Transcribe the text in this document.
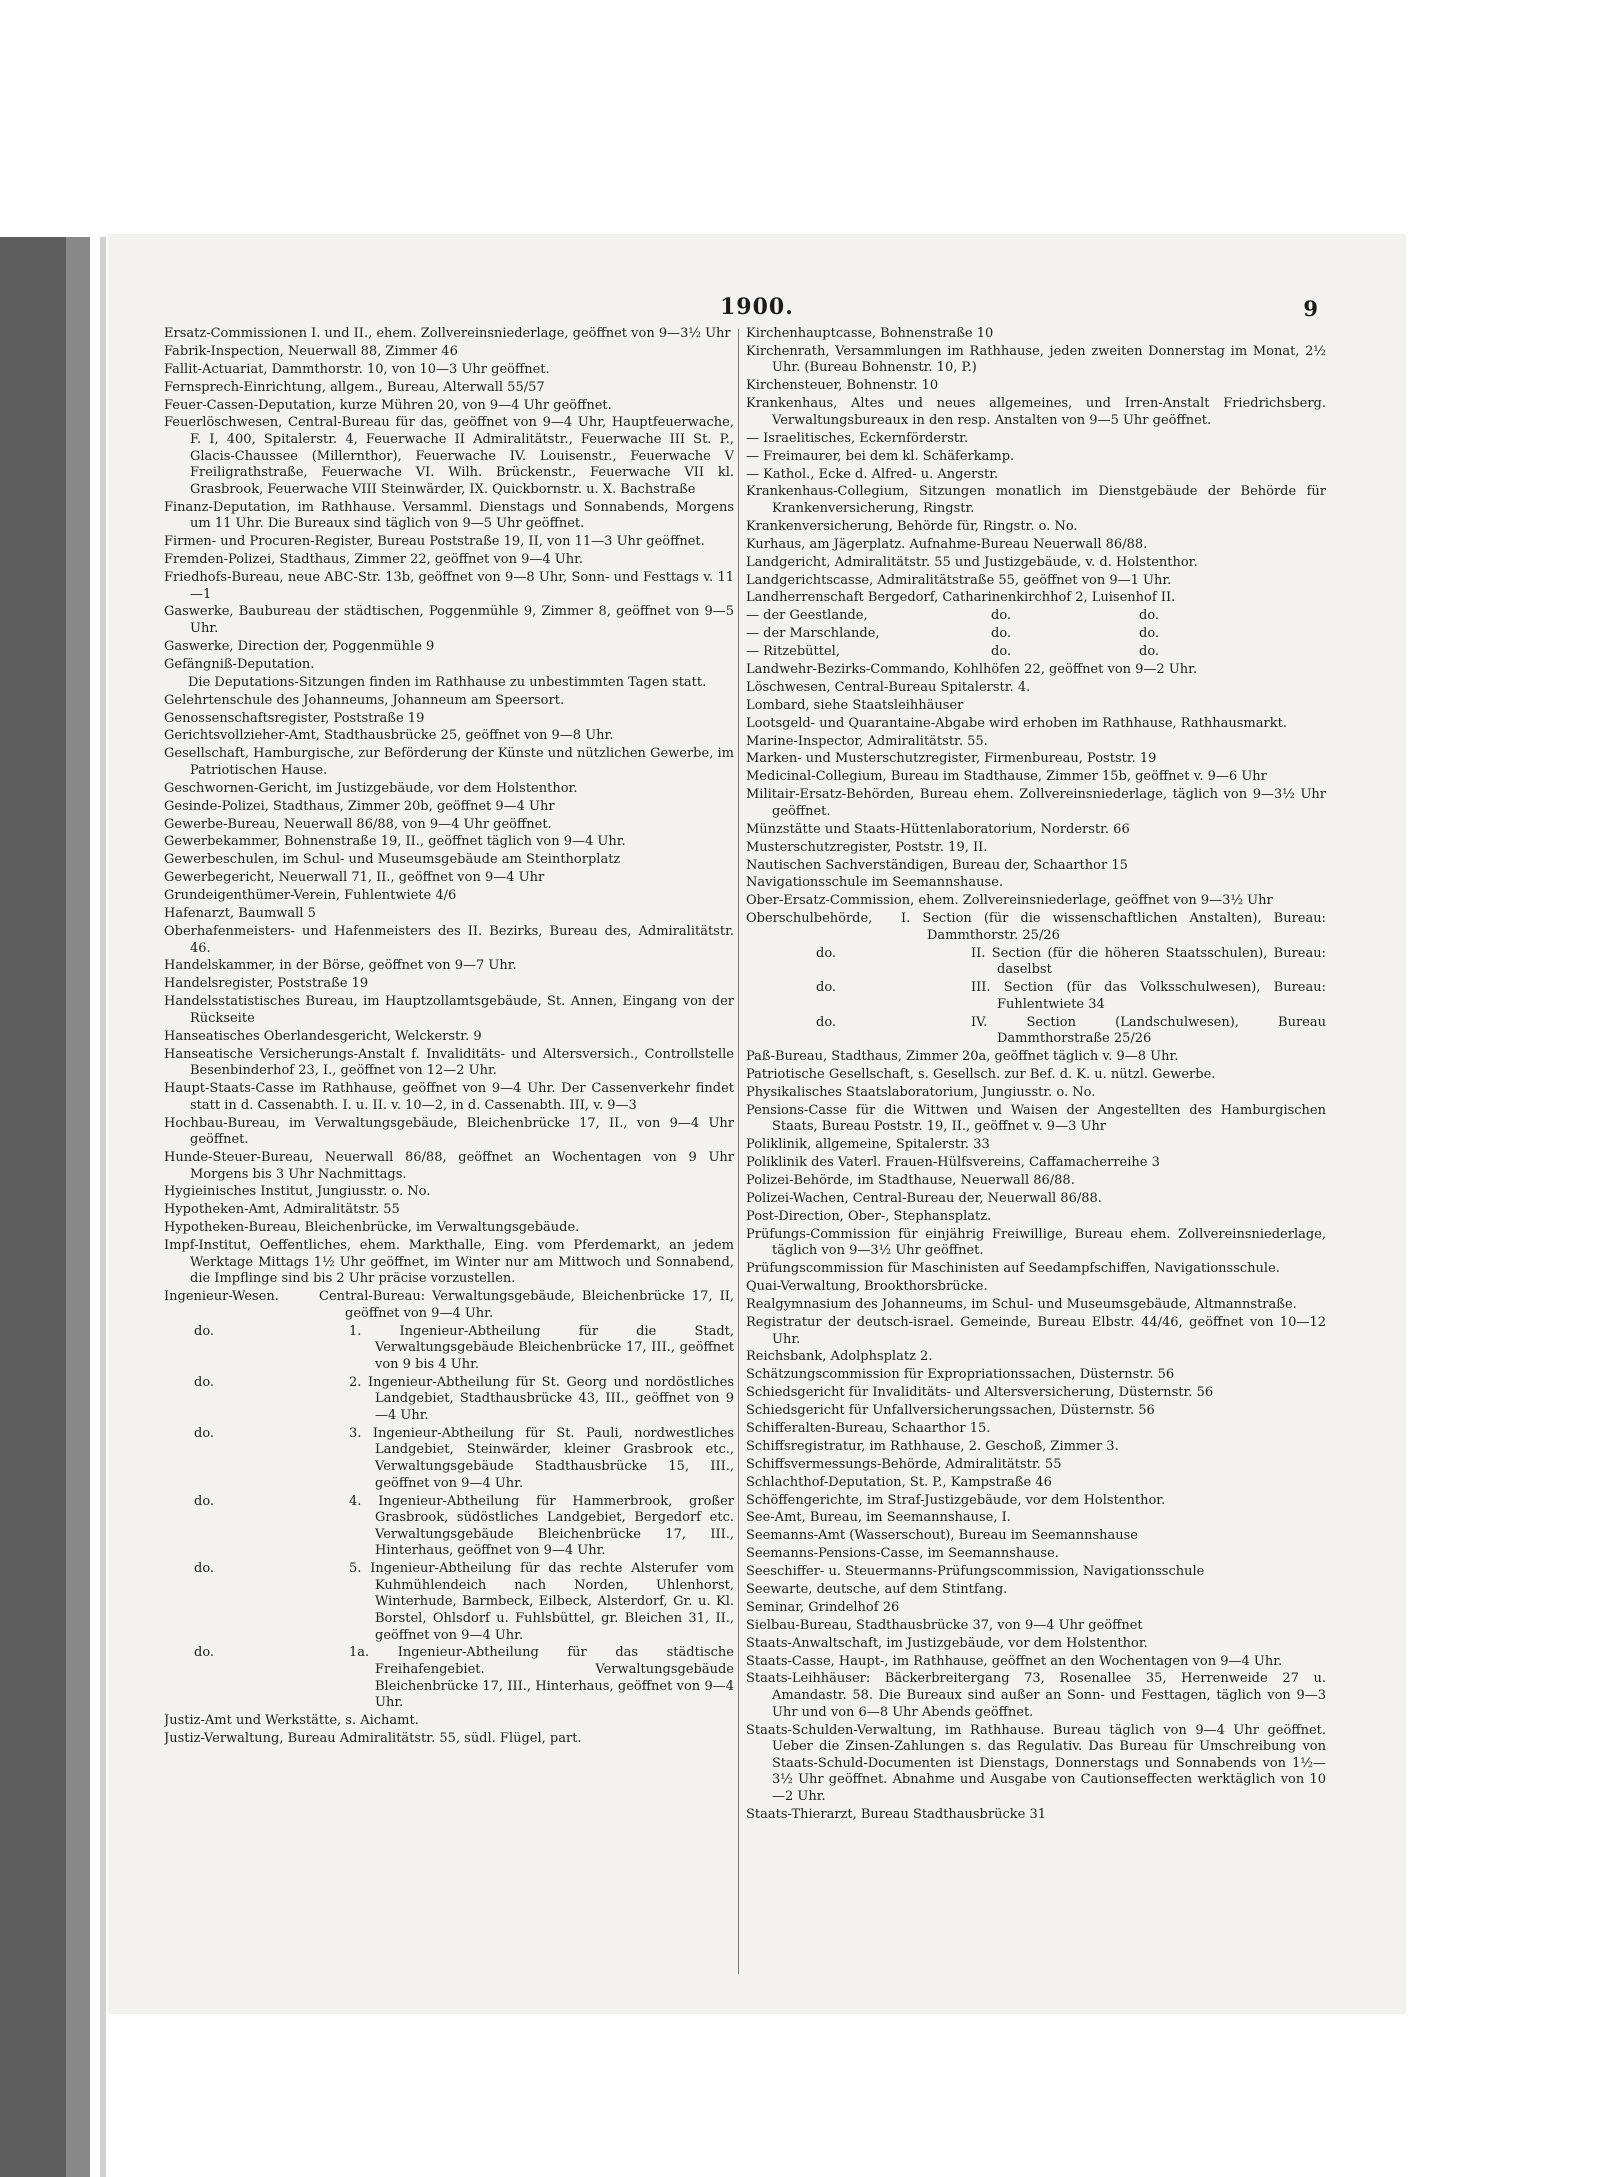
1900.	9
Ersatz-Commissionen I. und II., ehem. Zollvereinsniederlage, geöffnet von 9—3½ Uhr
Fabrik-Inspection, Neuerwall 88, Zimmer 46
Fallit-Actuariat, Dammthorstr. 10, von 10—3 Uhr geöffnet.
Fernsprech-Einrichtung, allgem., Bureau, Alterwall 55/57
Feuer-Cassen-Deputation, kurze Mühren 20, von 9—4 Uhr geöffnet.
Feuerlöschwesen, Central-Bureau für das, geöffnet von 9—4 Uhr, Hauptfeuerwache, F. I, 400, Spitalerstr. 4, Feuerwache II Admiralitätstr., Feuerwache III St. P., Glacis-Chaussee (Millernthor), Feuerwache IV. Louisenstr., Feuerwache V Freiligrathstraße, Feuerwache VI. Wilh. Brückenstr., Feuerwache VII kl. Grasbrook, Feuerwache VIII Steinwärder, IX. Quickbornstr. u. X. Bachstraße
Finanz-Deputation, im Rathhause. Versamml. Dienstags und Sonnabends, Morgens um 11 Uhr. Die Bureaux sind täglich von 9—5 Uhr geöffnet.
Firmen- und Procuren-Register, Bureau Poststraße 19, II, von 11—3 Uhr geöffnet.
Fremden-Polizei, Stadthaus, Zimmer 22, geöffnet von 9—4 Uhr.
Friedhofs-Bureau, neue ABC-Str. 13b, geöffnet von 9—8 Uhr, Sonn- und Festtags v. 11—1
Gaswerke, Baubureau der städtischen, Poggenmühle 9, Zimmer 8, geöffnet von 9—5 Uhr.
Gaswerke, Direction der, Poggenmühle 9
Gefängniß-Deputation.
Die Deputations-Sitzungen finden im Rathhause zu unbestimmten Tagen statt.
Gelehrtenschule des Johanneums, Johanneum am Speersort.
Genossenschaftsregister, Poststraße 19
Gerichtsvollzieher-Amt, Stadthausbrücke 25, geöffnet von 9—8 Uhr.
Gesellschaft, Hamburgische, zur Beförderung der Künste und nützlichen Gewerbe, im Patriotischen Hause.
Geschwornen-Gericht, im Justizgebäude, vor dem Holstenthor.
Gesinde-Polizei, Stadthaus, Zimmer 20b, geöffnet 9—4 Uhr
Gewerbe-Bureau, Neuerwall 86/88, von 9—4 Uhr geöffnet.
Gewerbekammer, Bohnenstraße 19, II., geöffnet täglich von 9—4 Uhr.
Gewerbeschulen, im Schul- und Museumsgebäude am Steinthorplatz
Gewerbegericht, Neuerwall 71, II., geöffnet von 9—4 Uhr
Grundeigenthümer-Verein, Fuhlentwiete 4/6
Hafenarzt, Baumwall 5
Oberhafenmeisters- und Hafenmeisters des II. Bezirks, Bureau des, Admiralitätstr. 46.
Handelskammer, in der Börse, geöffnet von 9—7 Uhr.
Handelsregister, Poststraße 19
Handelsstatistisches Bureau, im Hauptzollamtsgebäude, St. Annen, Eingang von der Rückseite
Hanseatisches Oberlandesgericht, Welckerstr. 9
Hanseatische Versicherungs-Anstalt f. Invaliditäts- und Altersversich., Controllstelle Besenbinderhof 23, I., geöffnet von 12—2 Uhr.
Haupt-Staats-Casse im Rathhause, geöffnet von 9—4 Uhr. Der Cassenverkehr findet statt in d. Cassenabth. I. u. II. v. 10—2, in d. Cassenabth. III, v. 9—3
Hochbau-Bureau, im Verwaltungsgebäude, Bleichenbrücke 17, II., von 9—4 Uhr geöffnet.
Hunde-Steuer-Bureau, Neuerwall 86/88, geöffnet an Wochentagen von 9 Uhr Morgens bis 3 Uhr Nachmittags.
Hygieinisches Institut, Jungiusstr. o. No.
Hypotheken-Amt, Admiralitätstr. 55
Hypotheken-Bureau, Bleichenbrücke, im Verwaltungsgebäude.
Impf-Institut, Oeffentliches, ehem. Markthalle, Eing. vom Pferdemarkt, an jedem Werktage Mittags 1½ Uhr geöffnet, im Winter nur am Mittwoch und Sonnabend, die Impflinge sind bis 2 Uhr präcise vorzustellen.
Ingenieur-Wesen.	Central-Bureau: Verwaltungsgebäude, Bleichenbrücke 17, II, geöffnet von 9—4 Uhr.
do.	1. Ingenieur-Abtheilung für die Stadt, Verwaltungsgebäude Bleichenbrücke 17, III., geöffnet von 9 bis 4 Uhr.
do.	2. Ingenieur-Abtheilung für St. Georg und nordöstliches Landgebiet, Stadthausbrücke 43, III., geöffnet von 9—4 Uhr.
do.	3. Ingenieur-Abtheilung für St. Pauli, nordwestliches Landgebiet, Steinwärder, kleiner Grasbrook etc., Verwaltungsgebäude Stadthausbrücke 15, III., geöffnet von 9—4 Uhr.
do.	4. Ingenieur-Abtheilung für Hammerbrook, großer Grasbrook, südöstliches Landgebiet, Bergedorf etc. Verwaltungsgebäude Bleichenbrücke 17, III., Hinterhaus, geöffnet von 9—4 Uhr.
do.	5. Ingenieur-Abtheilung für das rechte Alsterufer vom Kuhmühlendeich nach Norden, Uhlenhorst, Winterhude, Barmbeck, Eilbeck, Alsterdorf, Gr. u. Kl. Borstel, Ohlsdorf u. Fuhlsbüttel, gr. Bleichen 31, II., geöffnet von 9—4 Uhr.
do.	1a. Ingenieur-Abtheilung für das städtische Freihafengebiet. Verwaltungsgebäude Bleichenbrücke 17, III., Hinterhaus, geöffnet von 9—4 Uhr.
Justiz-Amt und Werkstätte, s. Aichamt.
Justiz-Verwaltung, Bureau Admiralitätstr. 55, südl. Flügel, part.
Kirchenhauptcasse, Bohnenstraße 10
Kirchenrath, Versammlungen im Rathhause, jeden zweiten Donnerstag im Monat, 2½ Uhr. (Bureau Bohnenstr. 10, P.)
Kirchensteuer, Bohnenstr. 10
Krankenhaus, Altes und neues allgemeines, und Irren-Anstalt Friedrichsberg. Verwaltungsbureaux in den resp. Anstalten von 9—5 Uhr geöffnet.
— Israelitisches, Eckernförderstr.
— Freimaurer, bei dem kl. Schäferkamp.
— Kathol., Ecke d. Alfred- u. Angerstr.
Krankenhaus-Collegium, Sitzungen monatlich im Dienstgebäude der Behörde für Krankenversicherung, Ringstr.
Krankenversicherung, Behörde für, Ringstr. o. No.
Kurhaus, am Jägerplatz. Aufnahme-Bureau Neuerwall 86/88.
Landgericht, Admiralitätstr. 55 und Justizgebäude, v. d. Holstenthor.
Landgerichtscasse, Admiralitätstraße 55, geöffnet von 9—1 Uhr.
Landherrenschaft Bergedorf, Catharinenkirchhof 2, Luisenhof II.
— der Geestlande,	do.	do.
— der Marschlande,	do.	do.
— Ritzebüttel,	do.	do.
Landwehr-Bezirks-Commando, Kohlhöfen 22, geöffnet von 9—2 Uhr.
Löschwesen, Central-Bureau Spitalerstr. 4.
Lombard, siehe Staatsleihhäuser
Lootsgeld- und Quarantaine-Abgabe wird erhoben im Rathhause, Rathhausmarkt.
Marine-Inspector, Admiralitätstr. 55.
Marken- und Musterschutzregister, Firmenbureau, Poststr. 19
Medicinal-Collegium, Bureau im Stadthause, Zimmer 15b, geöffnet v. 9—6 Uhr
Militair-Ersatz-Behörden, Bureau ehem. Zollvereinsniederlage, täglich von 9—3½ Uhr geöffnet.
Münzstätte und Staats-Hüttenlaboratorium, Norderstr. 66
Musterschutzregister, Poststr. 19, II.
Nautischen Sachverständigen, Bureau der, Schaarthor 15
Navigationsschule im Seemannshause.
Ober-Ersatz-Commission, ehem. Zollvereinsniederlage, geöffnet von 9—3½ Uhr
Oberschulbehörde,	I. Section (für die wissenschaftlichen Anstalten), Bureau: Dammthorstr. 25/26
do.	II. Section (für die höheren Staatsschulen), Bureau: daselbst
do.	III. Section (für das Volksschulwesen), Bureau: Fuhlentwiete 34
do.	IV. Section (Landschulwesen), Bureau Dammthorstraße 25/26
Paß-Bureau, Stadthaus, Zimmer 20a, geöffnet täglich v. 9—8 Uhr.
Patriotische Gesellschaft, s. Gesellsch. zur Bef. d. K. u. nützl. Gewerbe.
Physikalisches Staatslaboratorium, Jungiusstr. o. No.
Pensions-Casse für die Wittwen und Waisen der Angestellten des Hamburgischen Staats, Bureau Poststr. 19, II., geöffnet v. 9—3 Uhr
Poliklinik, allgemeine, Spitalerstr. 33
Poliklinik des Vaterl. Frauen-Hülfsvereins, Caffamacherreihe 3
Polizei-Behörde, im Stadthause, Neuerwall 86/88.
Polizei-Wachen, Central-Bureau der, Neuerwall 86/88.
Post-Direction, Ober-, Stephansplatz.
Prüfungs-Commission für einjährig Freiwillige, Bureau ehem. Zollvereinsniederlage, täglich von 9—3½ Uhr geöffnet.
Prüfungscommission für Maschinisten auf Seedampfschiffen, Navigationsschule.
Quai-Verwaltung, Brookthorsbrücke.
Realgymnasium des Johanneums, im Schul- und Museumsgebäude, Altmannstraße.
Registratur der deutsch-israel. Gemeinde, Bureau Elbstr. 44/46, geöffnet von 10—12 Uhr.
Reichsbank, Adolphsplatz 2.
Schätzungscommission für Expropriationssachen, Düsternstr. 56
Schiedsgericht für Invaliditäts- und Altersversicherung, Düsternstr. 56
Schiedsgericht für Unfallversicherungssachen, Düsternstr. 56
Schifferalten-Bureau, Schaarthor 15.
Schiffsregistratur, im Rathhause, 2. Geschoß, Zimmer 3.
Schiffsvermessungs-Behörde, Admiralitätstr. 55
Schlachthof-Deputation, St. P., Kampstraße 46
Schöffengerichte, im Straf-Justizgebäude, vor dem Holstenthor.
See-Amt, Bureau, im Seemannshause, I.
Seemanns-Amt (Wasserschout), Bureau im Seemannshause
Seemanns-Pensions-Casse, im Seemannshause.
Seeschiffer- u. Steuermanns-Prüfungscommission, Navigationsschule
Seewarte, deutsche, auf dem Stintfang.
Seminar, Grindelhof 26
Sielbau-Bureau, Stadthausbrücke 37, von 9—4 Uhr geöffnet
Staats-Anwaltschaft, im Justizgebäude, vor dem Holstenthor.
Staats-Casse, Haupt-, im Rathhause, geöffnet an den Wochentagen von 9—4 Uhr.
Staats-Leihhäuser: Bäckerbreitergang 73, Rosenallee 35, Herrenweide 27 u. Amandastr. 58. Die Bureaux sind außer an Sonn- und Festtagen, täglich von 9—3 Uhr und von 6—8 Uhr Abends geöffnet.
Staats-Schulden-Verwaltung, im Rathhause. Bureau täglich von 9—4 Uhr geöffnet. Ueber die Zinsen-Zahlungen s. das Regulativ. Das Bureau für Umschreibung von Staats-Schuld-Documenten ist Dienstags, Donnerstags und Sonnabends von 1½—3½ Uhr geöffnet. Abnahme und Ausgabe von Cautionseffecten werktäglich von 10—2 Uhr.
Staats-Thierarzt, Bureau Stadthausbrücke 31
